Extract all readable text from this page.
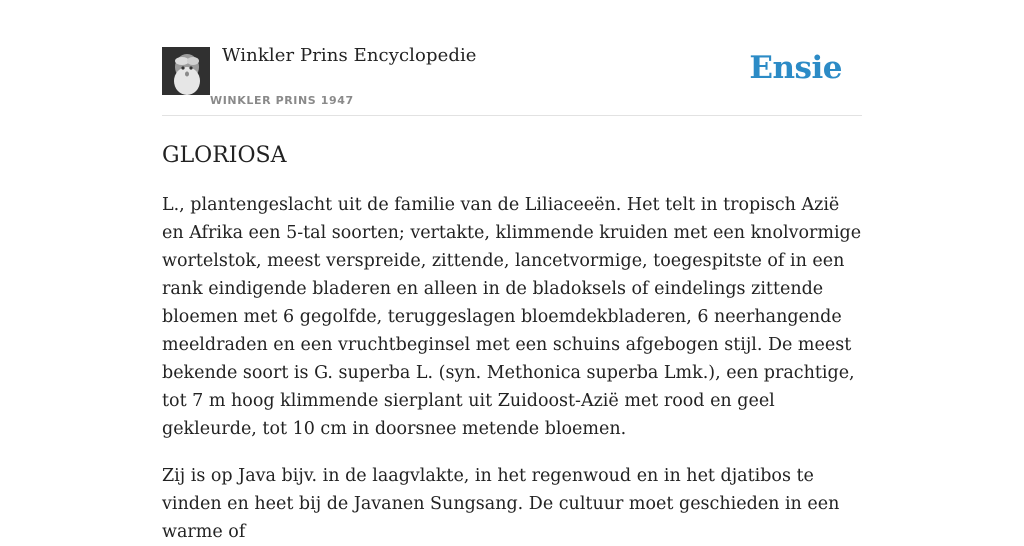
Winkler Prins Encyclopedie
WINKLER PRINS 1947
Ensie
GLORIOSA

L., plantengeslacht uit de familie van de Liliaceeën. Het telt in tropisch Azië en Afrika een 5-tal soorten; vertakte, klimmende kruiden met een knolvormige wortelstok, meest verspreide, zittende, lancetvormige, toegespitste of in een rank eindigende bladeren en alleen in de bladoksels of eindelings zittende bloemen met 6 gegolfde, teruggeslagen bloemdekbladeren, 6 neerhangende meeldraden en een vruchtbeginsel met een schuins afgebogen stijl. De meest bekende soort is G. superba L. (syn. Methonica superba Lmk.), een prachtige, tot 7 m hoog klimmende sierplant uit Zuidoost-Azië met rood en geel gekleurde, tot 10 cm in doorsnee metende bloemen.

Zij is op Java bijv. in de laagvlakte, in het regenwoud en in het djatibos te vinden en heet bij de Javanen Sungsang. De cultuur moet geschieden in een warme of
